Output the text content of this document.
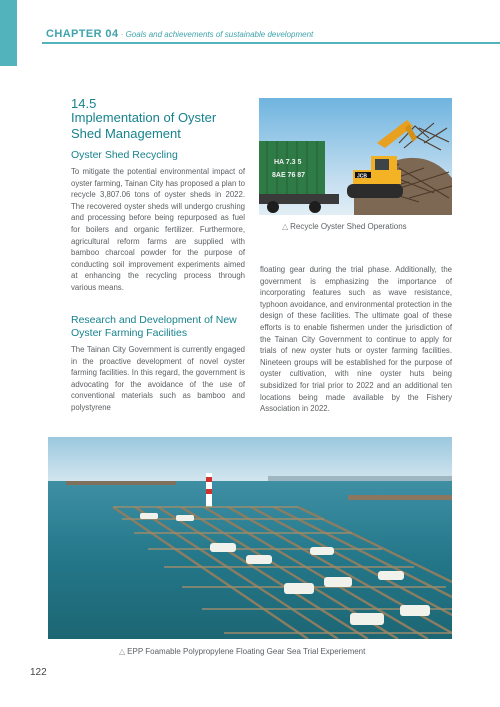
CHAPTER 04 · Goals and achievements of sustainable development
14.5
Implementation of Oyster Shed Management
Oyster Shed Recycling
To mitigate the potential environmental impact of oyster farming, Tainan City has proposed a plan to recycle 3,807.06 tons of oyster sheds in 2022. The recovered oyster sheds will undergo crushing and processing before being repurposed as fuel for boilers and organic fertilizer. Furthermore, agricultural reform farms are supplied with bamboo charcoal powder for the purpose of conducting soil improvement experiments aimed at enhancing the recycling process through various means.
Research and Development of New Oyster Farming Facilities
The Tainan City Government is currently engaged in the proactive development of novel oyster farming facilities. In this regard, the government is advocating for the avoidance of the use of conventional materials such as bamboo and polystyrene
floating gear during the trial phase. Additionally, the government is emphasizing the importance of incorporating features such as wave resistance, typhoon avoidance, and environmental protection in the design of these facilities. The ultimate goal of these efforts is to enable fishermen under the jurisdiction of the Tainan City Government to continue to apply for trials of new oyster huts or oyster farming facilities. Nineteen groups will be established for the purpose of oyster cultivation, with nine oyster huts being subsidized for trial prior to 2022 and an additional ten locations being made available by the Fishery Association in 2022.
JCB
HA 7.3 5
8AE 76 87
△ Recycle Oyster Shed Operations
△ EPP Foamable Polypropylene Floating Gear Sea Trial Experiement
122
